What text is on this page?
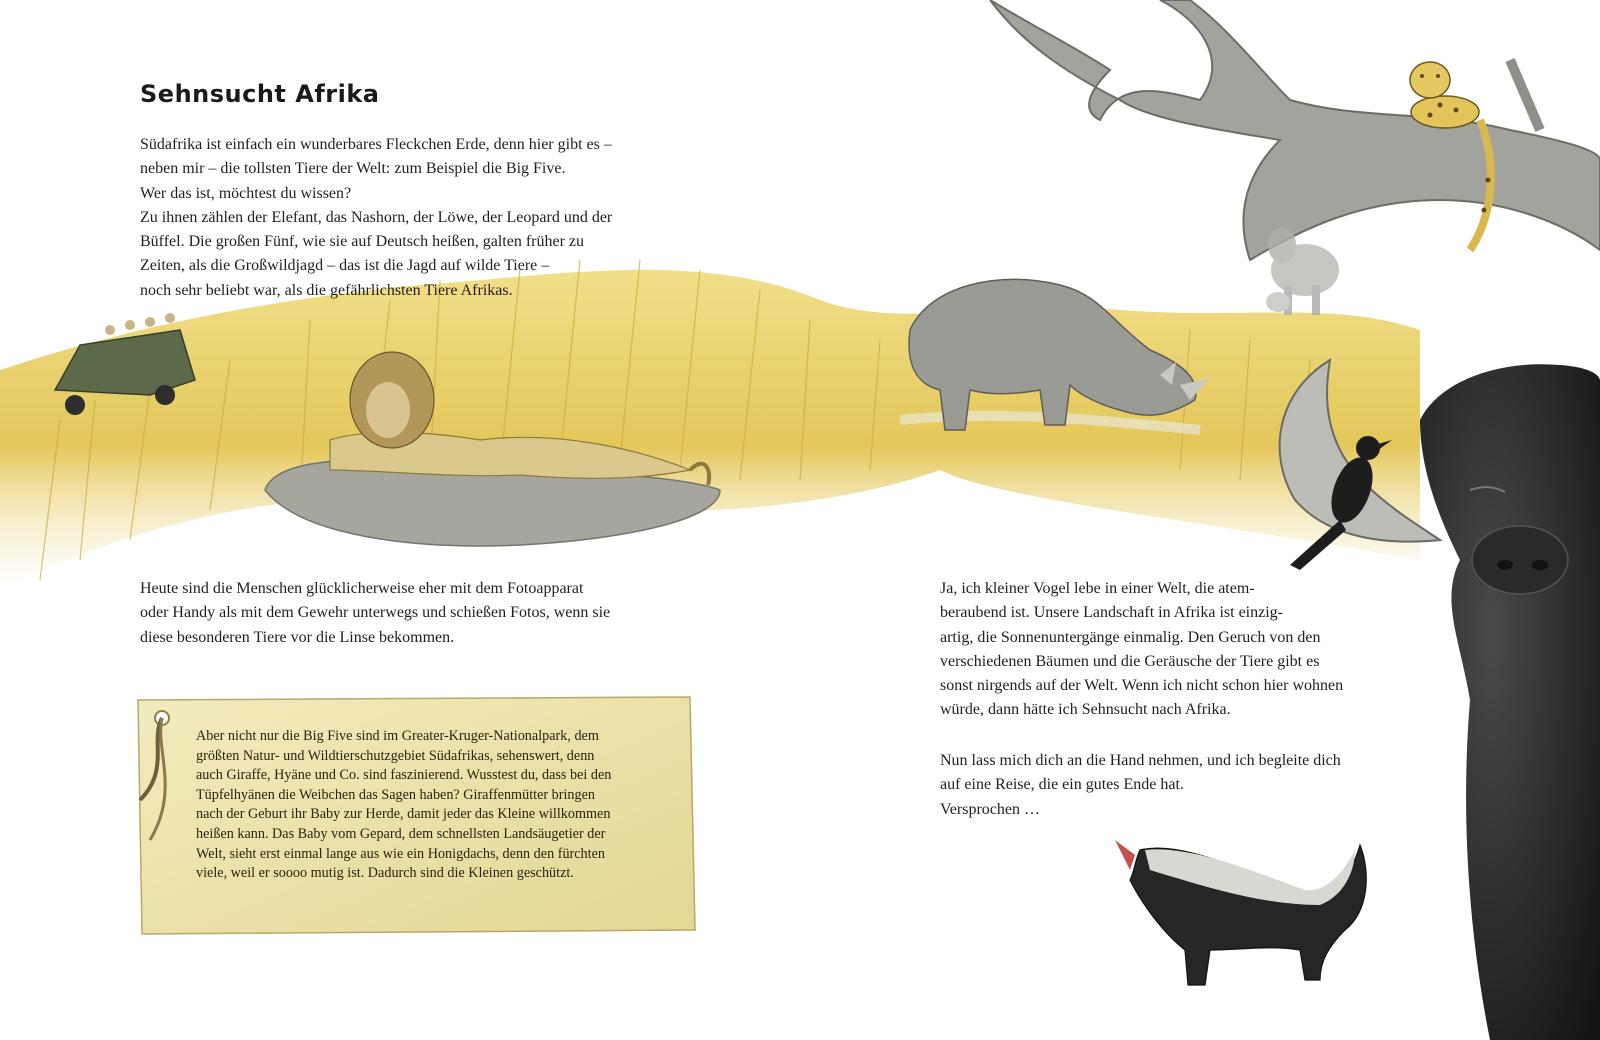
Sehnsucht Afrika
Südafrika ist einfach ein wunderbares Fleckchen Erde, denn hier gibt es –
neben mir – die tollsten Tiere der Welt: zum Beispiel die Big Five.
Wer das ist, möchtest du wissen?
Zu ihnen zählen der Elefant, das Nashorn, der Löwe, der Leopard und der
Büffel. Die großen Fünf, wie sie auf Deutsch heißen, galten früher zu
Zeiten, als die Großwildjagd – das ist die Jagd auf wilde Tiere –
noch sehr beliebt war, als die gefährlichsten Tiere Afrikas.
Heute sind die Menschen glücklicherweise eher mit dem Fotoapparat
oder Handy als mit dem Gewehr unterwegs und schießen Fotos, wenn sie
diese besonderen Tiere vor die Linse bekommen.
Aber nicht nur die Big Five sind im Greater-Kruger-Nationalpark, dem
größten Natur- und Wildtierschutzgebiet Südafrikas, sehenswert, denn
auch Giraffe, Hyäne und Co. sind faszinierend. Wusstest du, dass bei den
Tüpfelhyänen die Weibchen das Sagen haben? Giraffenmütter bringen
nach der Geburt ihr Baby zur Herde, damit jeder das Kleine willkommen
heißen kann. Das Baby vom Gepard, dem schnellsten Landsäugetier der
Welt, sieht erst einmal lange aus wie ein Honigdachs, denn den fürchten
viele, weil er soooo mutig ist. Dadurch sind die Kleinen geschützt.
Ja, ich kleiner Vogel lebe in einer Welt, die atem-
beraubend ist. Unsere Landschaft in Afrika ist einzig-
artig, die Sonnenuntergänge einmalig. Den Geruch von den
verschiedenen Bäumen und die Geräusche der Tiere gibt es
sonst nirgends auf der Welt. Wenn ich nicht schon hier wohnen
würde, dann hätte ich Sehnsucht nach Afrika.
Nun lass mich dich an die Hand nehmen, und ich begleite dich
auf eine Reise, die ein gutes Ende hat.
Versprochen …
